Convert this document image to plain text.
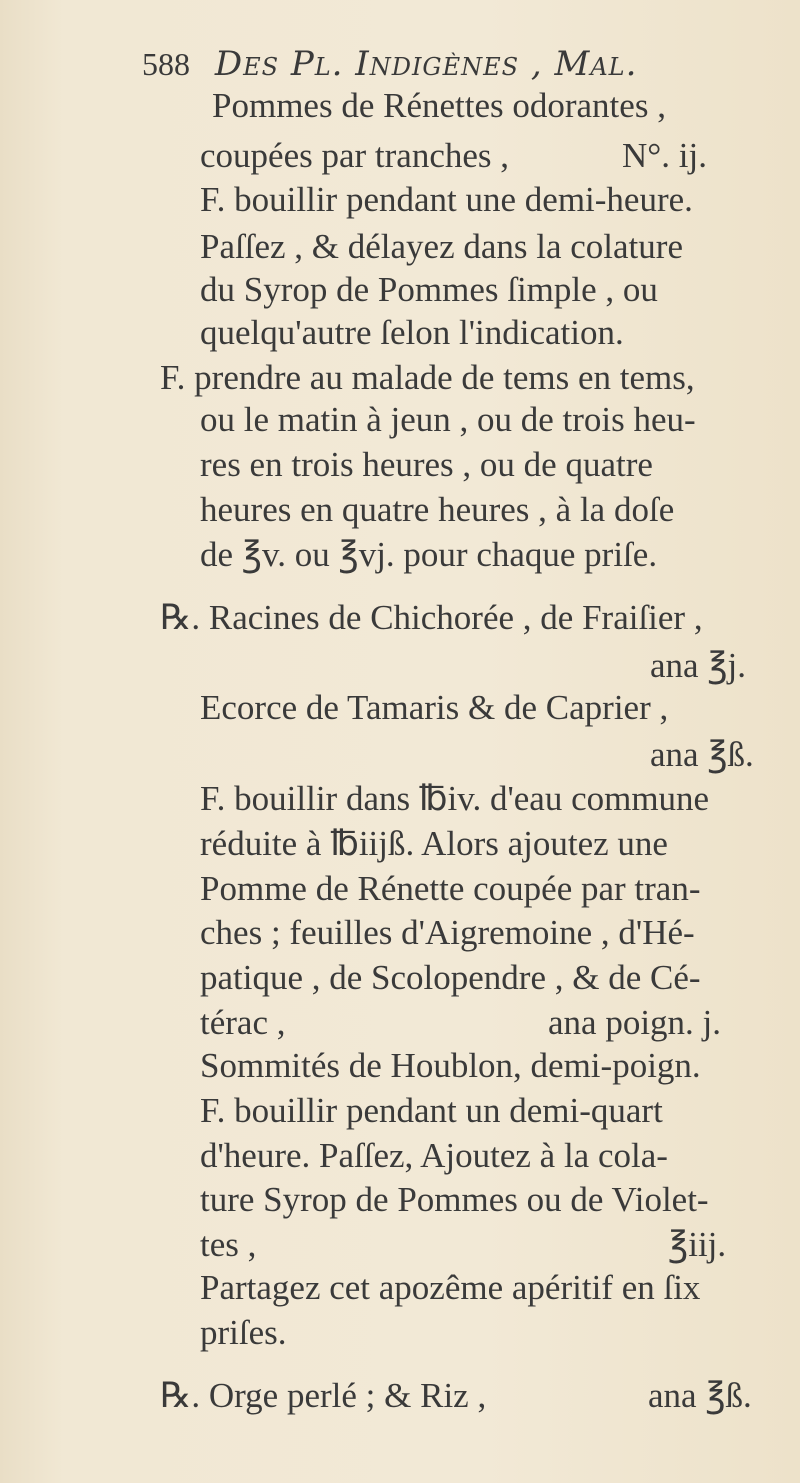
588 Des Pl. Indigènes , Mal.
Pommes de Rénettes odorantes ,
coupées par tranches ,	N°. ij.
F. bouillir pendant une demi-heure.
Paſſez , & délayez dans la colature
du Syrop de Pommes ſimple , ou
quelqu'autre ſelon l'indication.
F. prendre au malade de tems en tems,
ou le matin à jeun , ou de trois heu-
res en trois heures , ou de quatre
heures en quatre heures , à la doſe
de ℥v. ou ℥vj. pour chaque priſe.
℞. Racines de Chichorée , de Fraiſier ,
ana ℥j.
Ecorce de Tamaris & de Caprier ,
ana ℥ß.
F. bouillir dans ℔iv. d'eau commune
réduite à ℔iijß. Alors ajoutez une
Pomme de Rénette coupée par tran-
ches ; feuilles d'Aigremoine , d'Hé-
patique , de Scolopendre , & de Cé-
térac ,	ana poign. j.
Sommités de Houblon, demi-poign.
F. bouillir pendant un demi-quart
d'heure. Paſſez, Ajoutez à la cola-
ture Syrop de Pommes ou de Violet-
tes ,	℥iij.
Partagez cet apozême apéritif en ſix
priſes.
℞. Orge perlé ; & Riz ,	ana ℥ß.
